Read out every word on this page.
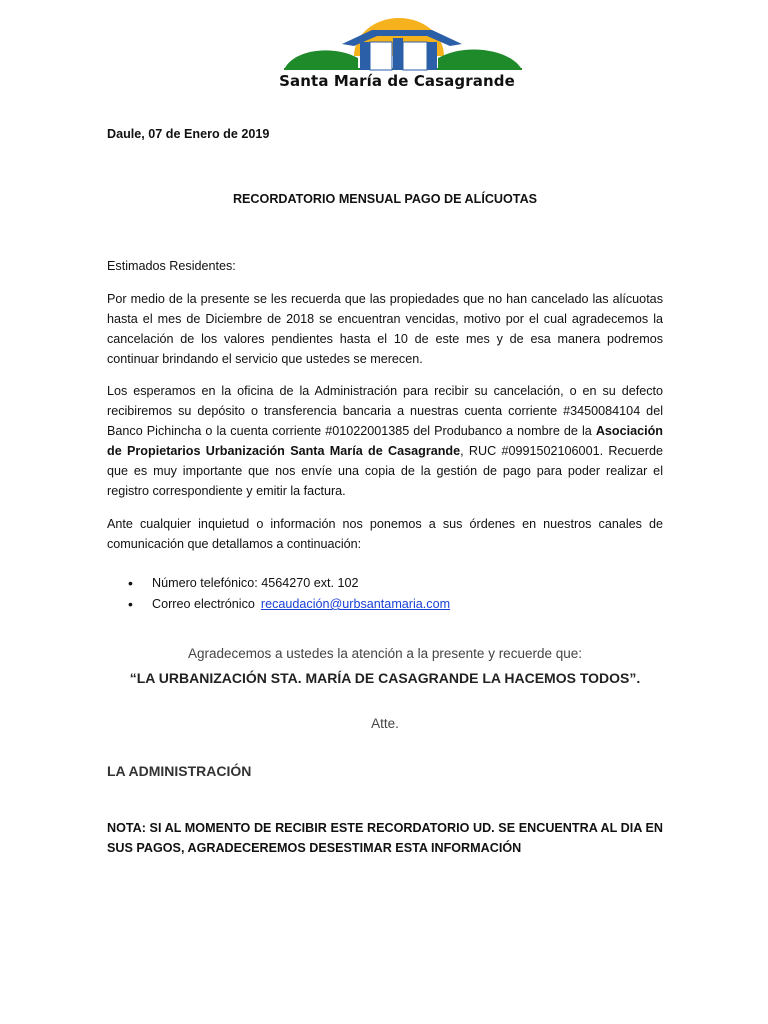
Santa María de Casagrande
Daule, 07 de Enero de 2019
RECORDATORIO MENSUAL PAGO DE ALÍCUOTAS
Estimados Residentes:
Por medio de la presente se les recuerda que las propiedades que no han cancelado las alícuotas hasta el mes de Diciembre de 2018 se encuentran vencidas, motivo por el cual agradecemos la cancelación de los valores pendientes hasta el 10 de este mes y de esa manera podremos continuar brindando el servicio que ustedes se merecen.
Los esperamos en la oficina de la Administración para recibir su cancelación, o en su defecto recibiremos su depósito o transferencia bancaria a nuestras cuenta corriente #3450084104 del Banco Pichincha o la cuenta corriente #01022001385 del Produbanco a nombre de la Asociación de Propietarios Urbanización Santa María de Casagrande, RUC #0991502106001. Recuerde que es muy importante que nos envíe una copia de la gestión de pago para poder realizar el registro correspondiente y emitir la factura.
Ante cualquier inquietud o información nos ponemos a sus órdenes en nuestros canales de comunicación que detallamos a continuación:
• Número telefónico: 4564270 ext. 102
• Correo electrónico recaudación@urbsantamaria.com
Agradecemos a ustedes la atención a la presente y recuerde que:
“LA URBANIZACIÓN STA. MARÍA DE CASAGRANDE LA HACEMOS TODOS”.
Atte.
LA ADMINISTRACIÓN
NOTA: SI AL MOMENTO DE RECIBIR ESTE RECORDATORIO UD. SE ENCUENTRA AL DIA EN SUS PAGOS, AGRADECEREMOS DESESTIMAR ESTA INFORMACIÓN
